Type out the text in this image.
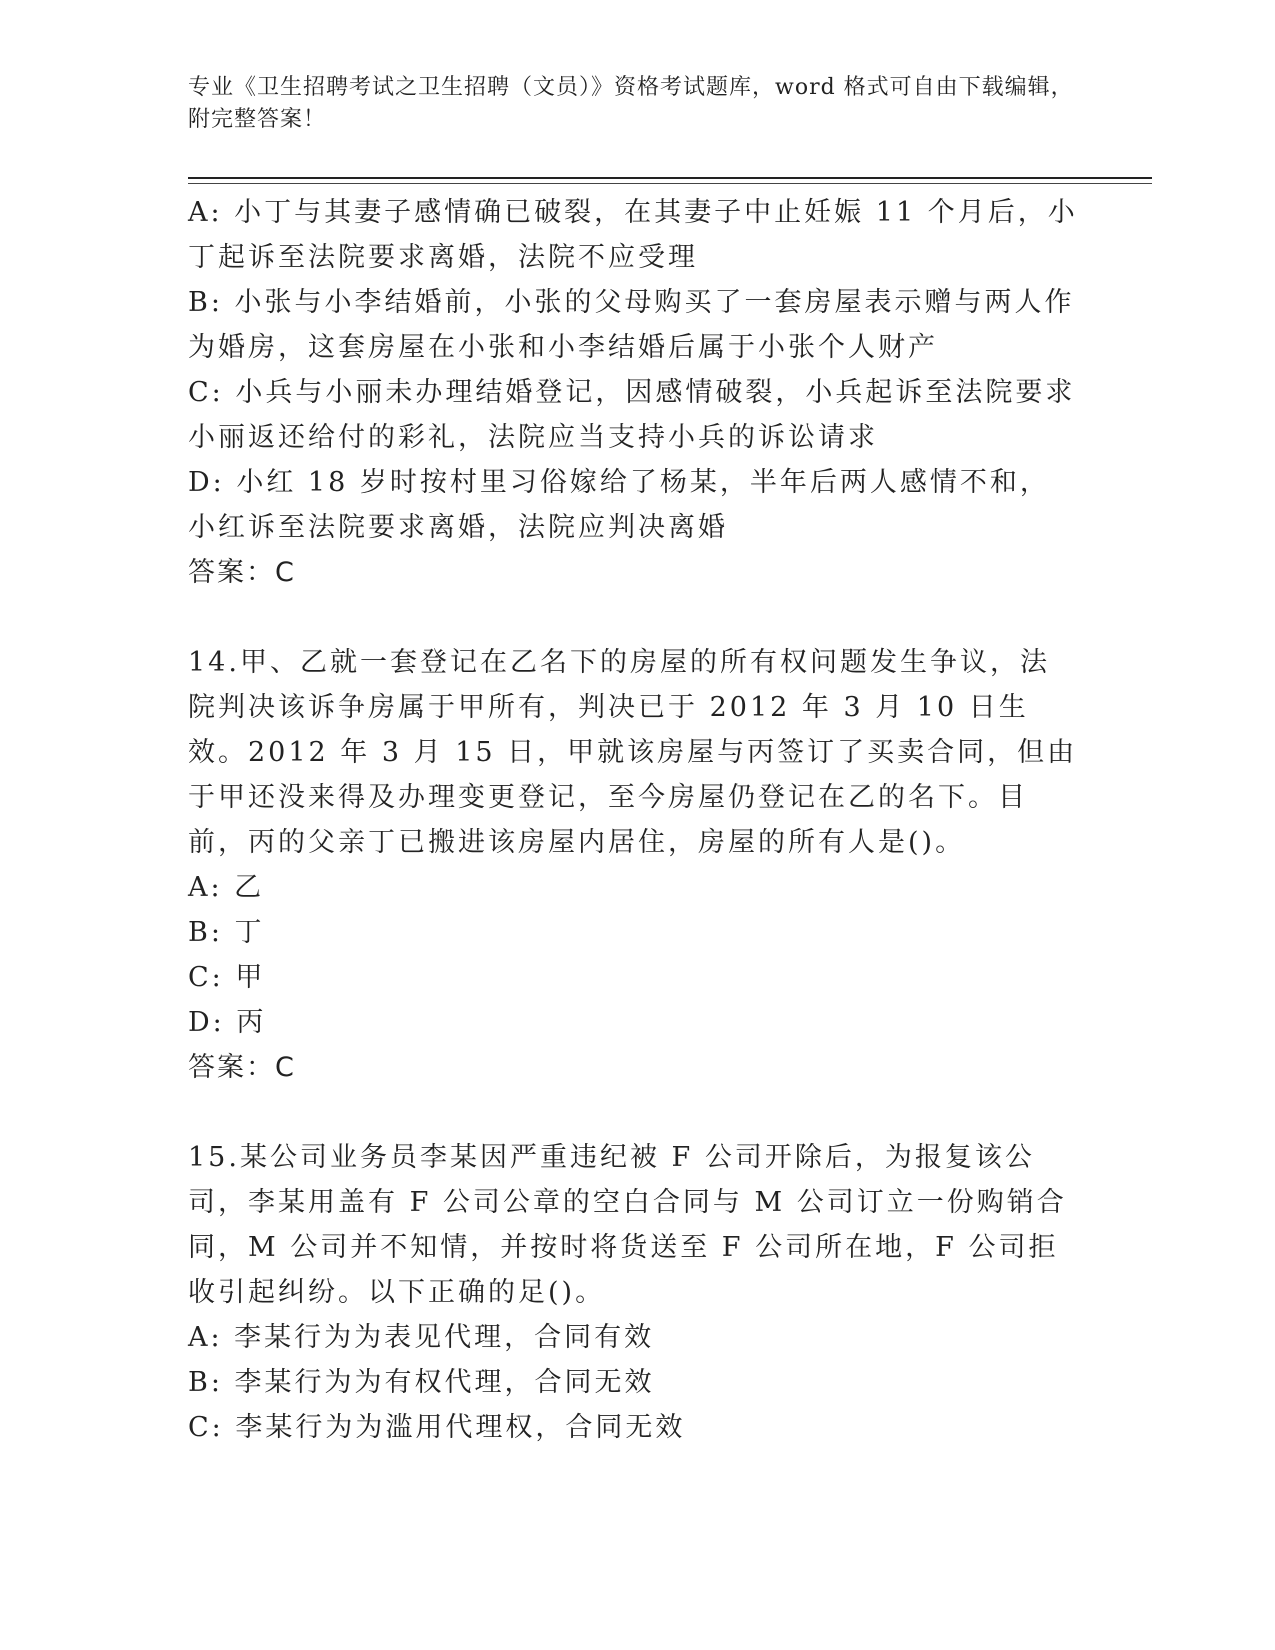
专业《卫生招聘考试之卫生招聘（文员）》资格考试题库，word 格式可自由下载编辑，附完整答案！

A: 小丁与其妻子感情确已破裂，在其妻子中止妊娠 11 个月后，小丁起诉至法院要求离婚，法院不应受理

B: 小张与小李结婚前，小张的父母购买了一套房屋表示赠与两人作为婚房，这套房屋在小张和小李结婚后属于小张个人财产

C: 小兵与小丽未办理结婚登记，因感情破裂，小兵起诉至法院要求小丽返还给付的彩礼，法院应当支持小兵的诉讼请求

D: 小红 18 岁时按村里习俗嫁给了杨某，半年后两人感情不和，小红诉至法院要求离婚，法院应判决离婚

答案：C

14.甲、乙就一套登记在乙名下的房屋的所有权问题发生争议，法院判决该诉争房属于甲所有，判决已于 2012 年 3 月 10 日生效。2012 年 3 月 15 日，甲就该房屋与丙签订了买卖合同，但由于甲还没来得及办理变更登记，至今房屋仍登记在乙的名下。目前，丙的父亲丁已搬进该房屋内居住，房屋的所有人是()。

A: 乙

B: 丁

C: 甲

D: 丙

答案：C

15.某公司业务员李某因严重违纪被 F 公司开除后，为报复该公司，李某用盖有 F 公司公章的空白合同与 M 公司订立一份购销合同，M 公司并不知情，并按时将货送至 F 公司所在地，F 公司拒收引起纠纷。以下正确的足()。

A: 李某行为为表见代理，合同有效

B: 李某行为为有权代理，合同无效

C: 李某行为为滥用代理权，合同无效
